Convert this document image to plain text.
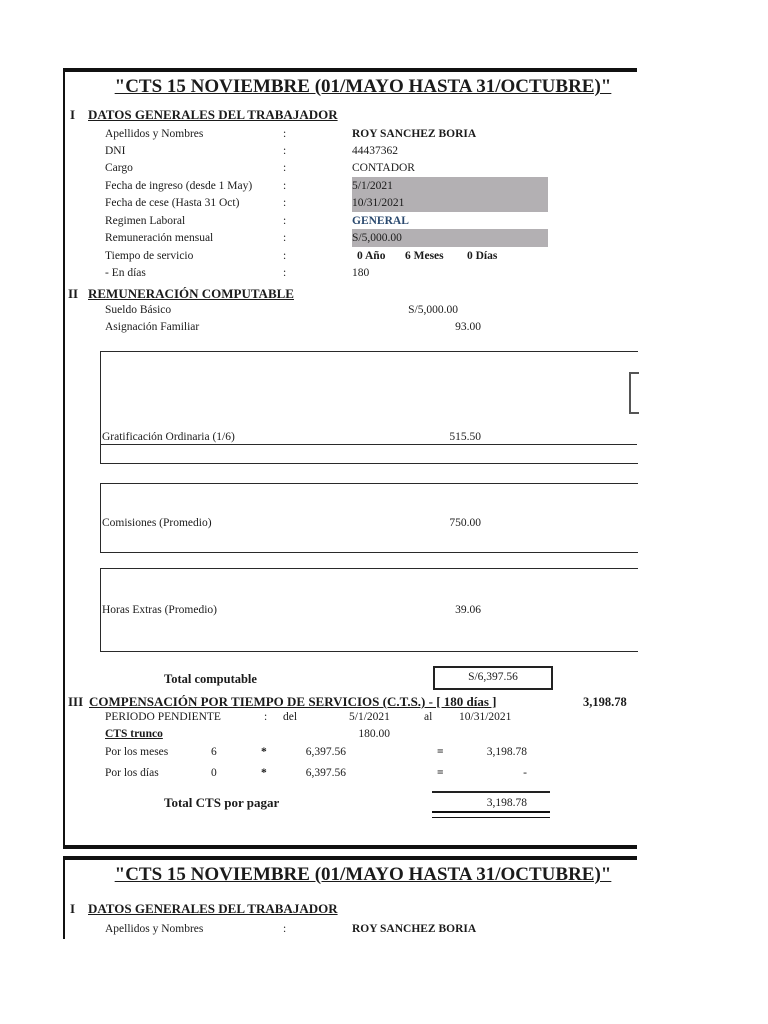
"CTS 15 NOVIEMBRE (01/MAYO HASTA 31/OCTUBRE)"
I DATOS GENERALES DEL TRABAJADOR
Apellidos y Nombres	:	ROY SANCHEZ BORIA
DNI	:	44437362
Cargo	:	CONTADOR
Fecha de ingreso (desde 1 May)	:	5/1/2021
Fecha de cese (Hasta 31 Oct)	:	10/31/2021
Regimen Laboral	:	GENERAL
Remuneración mensual	:	S/5,000.00
Tiempo de servicio	:	0 Año 6 Meses 0 Días
- En días	:	180
II REMUNERACIÓN COMPUTABLE
Sueldo Básico	S/5,000.00
Asignación Familiar	93.00
Gratificación Ordinaria (1/6)	515.50
Comisiones (Promedio)	750.00
Horas Extras (Promedio)	39.06
Total computable	S/6,397.56
III COMPENSACIÓN POR TIEMPO DE SERVICIOS (C.T.S.) - [ 180 días ]	3,198.78
PERIODO PENDIENTE	: del	5/1/2021	al 10/31/2021
CTS trunco	180.00
Por los meses	6	*	6,397.56	=	3,198.78
Por los días	0	*	6,397.56	=	-
Total CTS por pagar	3,198.78
"CTS 15 NOVIEMBRE (01/MAYO HASTA 31/OCTUBRE)"
I DATOS GENERALES DEL TRABAJADOR
Apellidos y Nombres	:	ROY SANCHEZ BORIA
